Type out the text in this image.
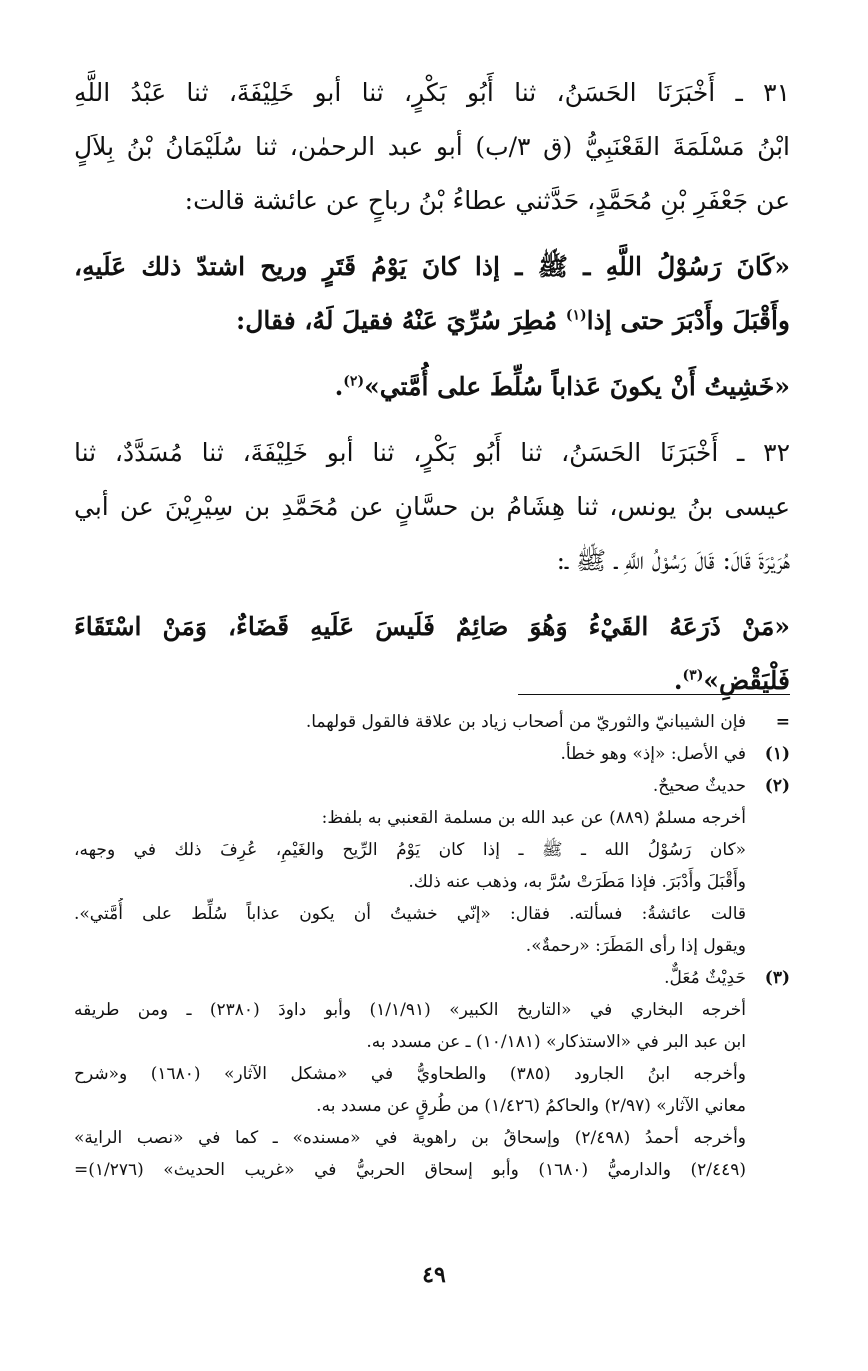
٣١ ـ أَخْبَرَنَا الحَسَنُ، ثنا أَبُو بَكْرٍ، ثنا أبو خَلِيْفَةَ، ثنا عَبْدُ اللَّهِ
ابْنُ مَسْلَمَةَ القَعْنَبِيُّ (ق ٣/ب) أبو عبد الرحمٰن، ثنا سُلَيْمَانُ بْنُ بِلاَلٍ
عن جَعْفَرِ بْنِ مُحَمَّدٍ، حَدَّثني عطاءُ بْنُ رباحٍ عن عائشة قالت:
«كَانَ رَسُوْلُ اللَّهِ ـ ﷺ ـ إذا كانَ يَوْمُ قَتَرٍ وريح اشتدّ ذلك عَلَيهِ،
وأَقْبَلَ وأَدْبَرَ حتى إذا$^{(١)}$ مُطِرَ سُرِّيَ عَنْهُ فقيلَ لَهُ، فقال:
«خَشِيتُ أَنْ يكونَ عَذاباً سُلِّطَ على أُمَّتي»$^{(٢)}$.
٣٢ ـ أَخْبَرَنَا الحَسَنُ، ثنا أَبُو بَكْرٍ، ثنا أبو خَلِيْفَةَ، ثنا مُسَدَّدٌ، ثنا
عيسى بنُ يونس، ثنا هِشَامُ بن حسَّانٍ عن مُحَمَّدِ بن سِيْرِيْنَ عن أبي
هُرَيْرَةَ قَالَ: قَالَ رَسُوْلُ اللَّهِ ـ ﷺ ـ:
«مَنْ ذَرَعَهُ القَيْءُ وَهُوَ صَائِمٌ فَلَيسَ عَلَيهِ قَضَاءٌ، وَمَنْ اسْتَقَاءَ
فَلْيَقْضِ»$^{(٣)}$.
=
فإن الشيبانيّ والثوريّ من أصحاب زياد بن علاقة فالقول قولهما.
(١)
في الأصل: «إذ» وهو خطأ.
(٢)
حديثٌ صحيحٌ.
أخرجه مسلمٌ (٨٨٩) عن عبد الله بن مسلمة القعنبي به بلفظ:
«كان رَسُوْلُ الله ـ ﷺ ـ إذا كان يَوْمُ الرِّيح والغَيْمِ، عُرِفَ ذلك في وجهه،
وأَقْبَلَ وأَدْبَرَ. فإذا مَطَرَتْ سُرَّ به، وذهب عنه ذلك.
قالت عائشةُ: فسألته. فقال: «إنّي خشيتُ أن يكون عذاباً سُلِّط على أُمَّتي».
ويقول إذا رأى المَطَرَ: «رحمةٌ».
(٣)
حَدِيْثٌ مُعَلٌّ.
أخرجه البخاري في «التاريخ الكبير» (١/١/٩١) وأبو داودَ (٢٣٨٠) ـ ومن طريقه
ابن عبد البر في «الاستذكار» (١٠/١٨١) ـ عن مسدد به.
وأخرجه ابنُ الجارود (٣٨٥) والطحاويُّ في «مشكل الآثار» (١٦٨٠) و«شرح
معاني الآثار» (٢/٩٧) والحاكمُ (١/٤٢٦) من طُرقٍ عن مسدد به.
وأخرجه أحمدُ (٢/٤٩٨) وإسحاقُ بن راهوية في «مسنده» ـ كما في «نصب الراية»
(٢/٤٤٩) والدارميُّ (١٦٨٠) وأبو إسحاق الحربيُّ في «غريب الحديث» (١/٢٧٦)=
٤٩
